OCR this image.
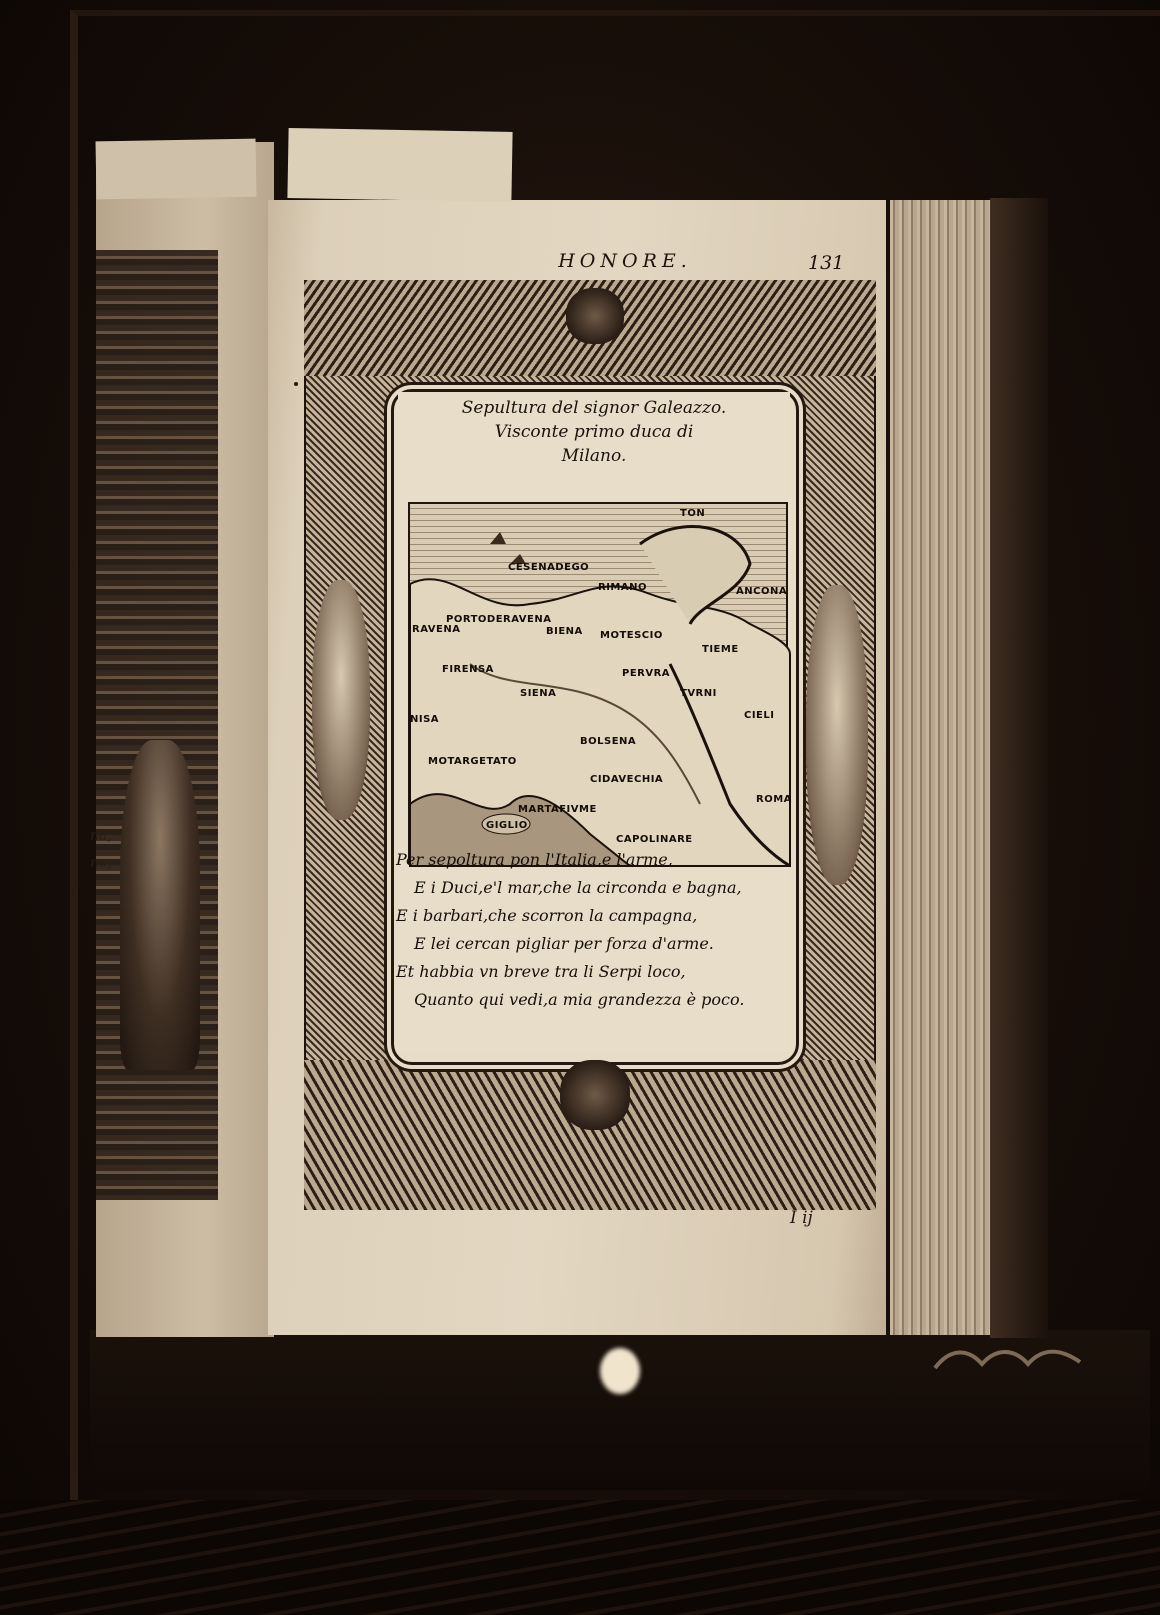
na,
no,
HONORE.	131
Sepultura del signor Galeazzo.
Visconte primo duca di
Milano.
CESENADEGO
RIMANO	ANCONA
RAVENA
PORTODERAVENA
BIENA MOTESCIO
FIRENSA	PERVRA
TVRNI
SIENA
CIELI
BOLSENA
NISA
MOTARGETATO
CIDAVECHIA
ROMA
MARTAFIVME
GIGLIO
CAPOLINARE
TIEME
TON
Per sepoltura pon l'Italia,e l'arme,
E i Duci,e'l mar,che la circonda e bagna,
E i barbari,che scorron la campagna,
E lei cercan pigliar per forza d'arme.
Et habbia vn breve tra li Serpi loco,
Quanto qui vedi,a mia grandezza è poco.
I ij
